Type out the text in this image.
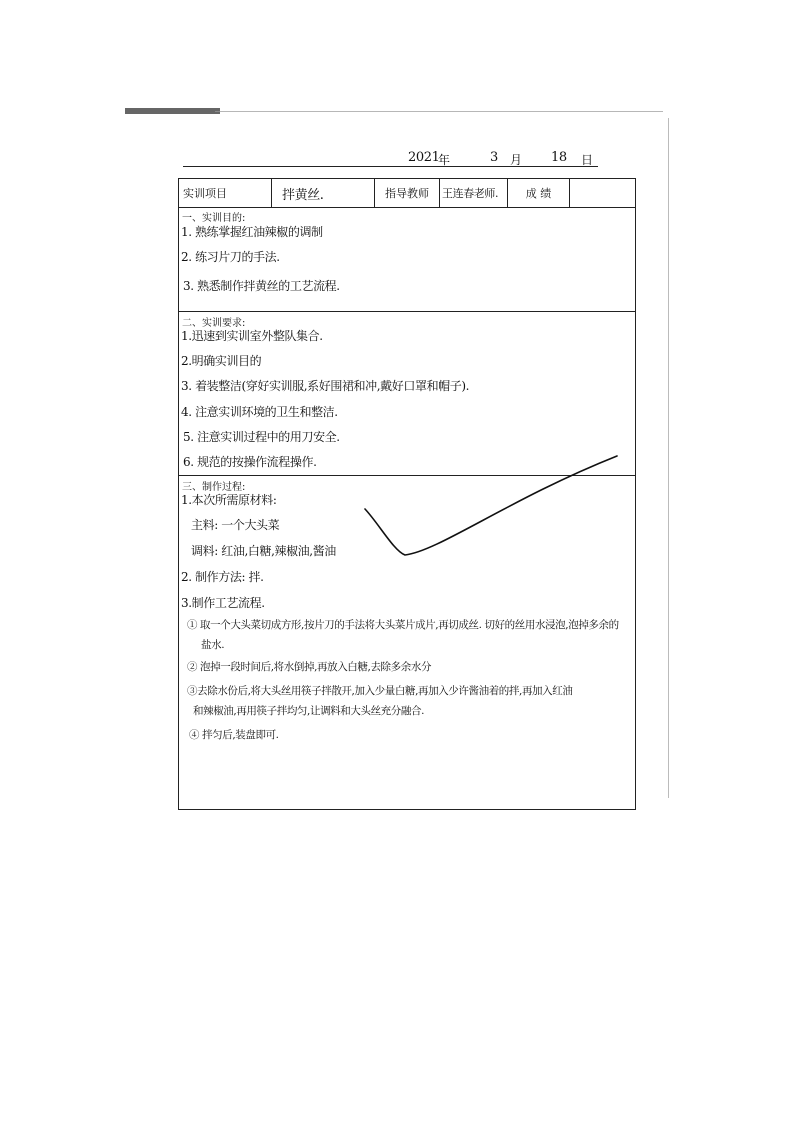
2021
年	3 月 18 日
实训项目	拌黄丝.	指导教师 王连春老师.	成 绩
一、实训目的:
1. 熟练掌握红油辣椒的调制
2. 练习片刀的手法.
3. 熟悉制作拌黄丝的工艺流程.
二、实训要求:
1.迅速到实训室外整队集合.
2.明确实训目的
3. 着装整洁(穿好实训服,系好围裙和冲,戴好口罩和帽子).
4. 注意实训环境的卫生和整洁.
5. 注意实训过程中的用刀安全.
6. 规范的按操作流程操作.
三、制作过程:
1.本次所需原材料:
主料: 一个大头菜
调料: 红油,白糖,辣椒油,酱油
2. 制作方法: 拌.
3.制作工艺流程.
① 取一个大头菜切成方形,按片刀的手法将大头菜片成片,再切成丝. 切好的丝用水浸泡,泡掉多余的
盐水.
② 泡掉一段时间后,将水倒掉,再放入白糖,去除多余水分
③去除水份后,将大头丝用筷子拌散开,加入少量白糖,再加入少许酱油着的拌,再加入红油
和辣椒油,再用筷子拌均匀,让调料和大头丝充分融合.
④ 拌匀后,装盘即可.
